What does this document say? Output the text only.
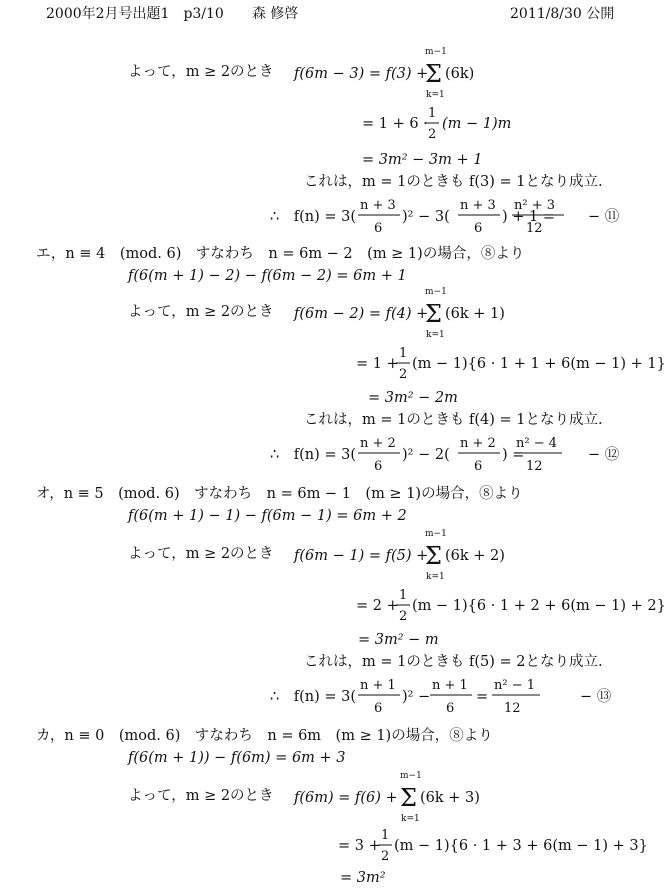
2000年2月号出題1　p3/10　　森 修啓	2011/8/30 公開
よって，m ≥ 2のとき f(6m − 3) = f(3) +
Σ
m−1
k=1
(6k)
= 1 + 6 ·
1
2
(m − 1)m
= 3m² − 3m + 1
これは，m = 1のときも f(3) = 1となり成立.
∴　f(n) = 3(
n + 3
6
)² − 3(
n + 3
6
) + 1 =
n² + 3
12
− ⑪
エ，n ≡ 4　(mod. 6)　すなわち　n = 6m − 2　(m ≥ 1)の場合，⑧より
f(6(m + 1) − 2) − f(6m − 2) = 6m + 1
よって，m ≥ 2のとき f(6m − 2) = f(4) +
Σ
m−1
k=1
(6k + 1)
= 1 +
1
2
(m − 1){6 · 1 + 1 + 6(m − 1) + 1}
= 3m² − 2m
これは，m = 1のときも f(4) = 1となり成立.
∴　f(n) = 3(
n + 2
6
)² − 2(
n + 2
6
) =
n² − 4
12
− ⑫
オ，n ≡ 5　(mod. 6)　すなわち　n = 6m − 1　(m ≥ 1)の場合，⑧より
f(6(m + 1) − 1) − f(6m − 1) = 6m + 2
よって，m ≥ 2のとき f(6m − 1) = f(5) +
Σ
m−1
k=1
(6k + 2)
= 2 +
1
2
(m − 1){6 · 1 + 2 + 6(m − 1) + 2}
= 3m² − m
これは，m = 1のときも f(5) = 2となり成立.
∴　f(n) = 3(
n + 1
6
)² −
n + 1
6
=
n² − 1
12
− ⑬
カ，n ≡ 0　(mod. 6)　すなわち　n = 6m　(m ≥ 1)の場合，⑧より
f(6(m + 1)) − f(6m) = 6m + 3
よって，m ≥ 2のとき f(6m) = f(6) + Σ
m−1
k=1
(6k + 3)
= 3 +
1
2
(m − 1){6 · 1 + 3 + 6(m − 1) + 3}
= 3m²
